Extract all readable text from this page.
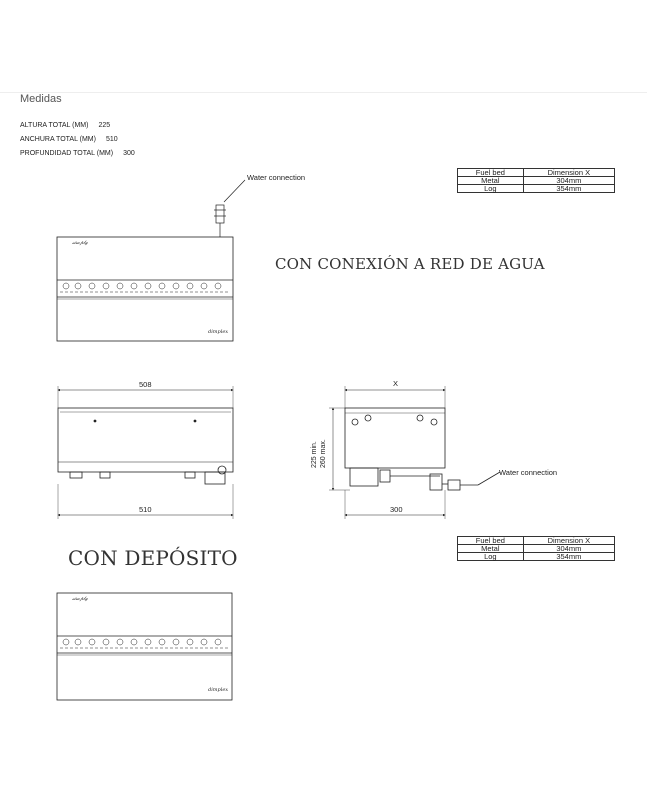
Medidas
ALTURA TOTAL (MM) 225
ANCHURA TOTAL (MM) 510
PROFUNDIDAD TOTAL (MM) 300
CON CONEXIÓN A RED DE AGUA
CON DEPÓSITO
Fuel bed	Dimension X
Metal	304mm
Log	354mm
Fuel bed	Dimension X
Metal	304mm
Log	354mm
𝓈𝒾𝓂𝓅𝓁𝓎
dimplex
Water connection
508
510
X
300
225 min. 260 max.
Water connection
𝓈𝒾𝓂𝓅𝓁𝓎
dimplex
